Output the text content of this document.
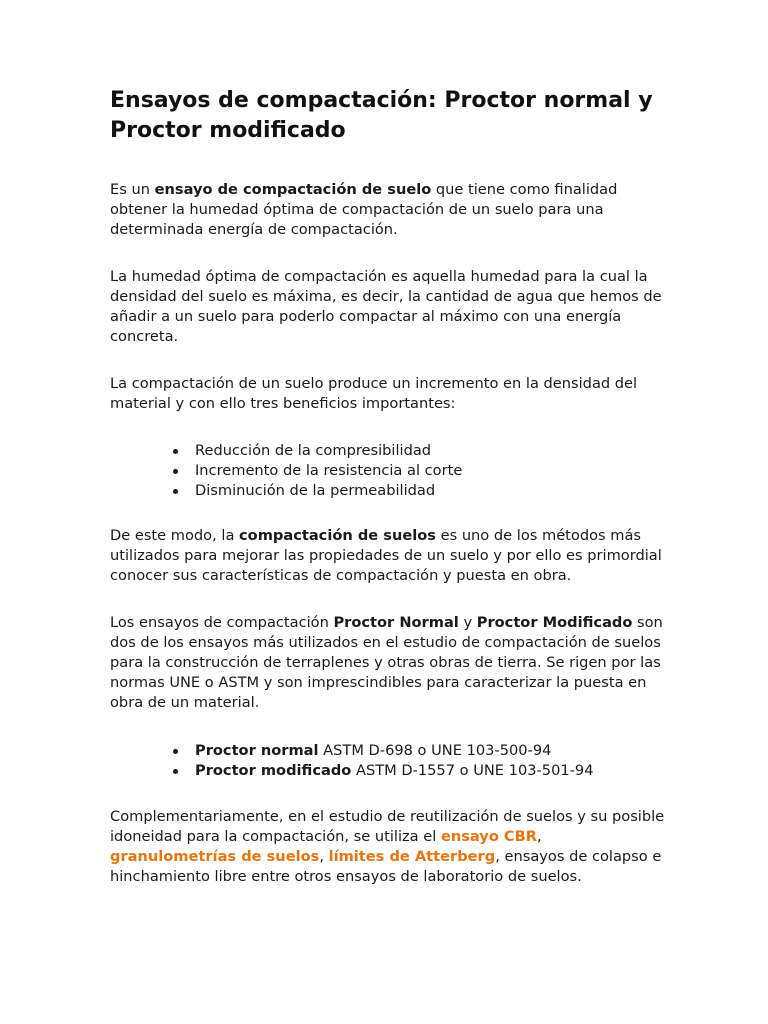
Ensayos de compactación: Proctor normal y Proctor modificado

Es un ensayo de compactación de suelo que tiene como finalidad obtener la humedad óptima de compactación de un suelo para una determinada energía de compactación.

La humedad óptima de compactación es aquella humedad para la cual la densidad del suelo es máxima, es decir, la cantidad de agua que hemos de añadir a un suelo para poderlo compactar al máximo con una energía concreta.

La compactación de un suelo produce un incremento en la densidad del material y con ello tres beneficios importantes:

Reducción de la compresibilidad
Incremento de la resistencia al corte
Disminución de la permeabilidad

De este modo, la compactación de suelos es uno de los métodos más utilizados para mejorar las propiedades de un suelo y por ello es primordial conocer sus características de compactación y puesta en obra.

Los ensayos de compactación Proctor Normal y Proctor Modificado son dos de los ensayos más utilizados en el estudio de compactación de suelos para la construcción de terraplenes y otras obras de tierra. Se rigen por las normas UNE o ASTM y son imprescindibles para caracterizar la puesta en obra de un material.

Proctor normal ASTM D-698 o UNE 103-500-94
Proctor modificado ASTM D-1557 o UNE 103-501-94

Complementariamente, en el estudio de reutilización de suelos y su posible idoneidad para la compactación, se utiliza el ensayo CBR, granulometrías de suelos, límites de Atterberg, ensayos de colapso e hinchamiento libre entre otros ensayos de laboratorio de suelos.
